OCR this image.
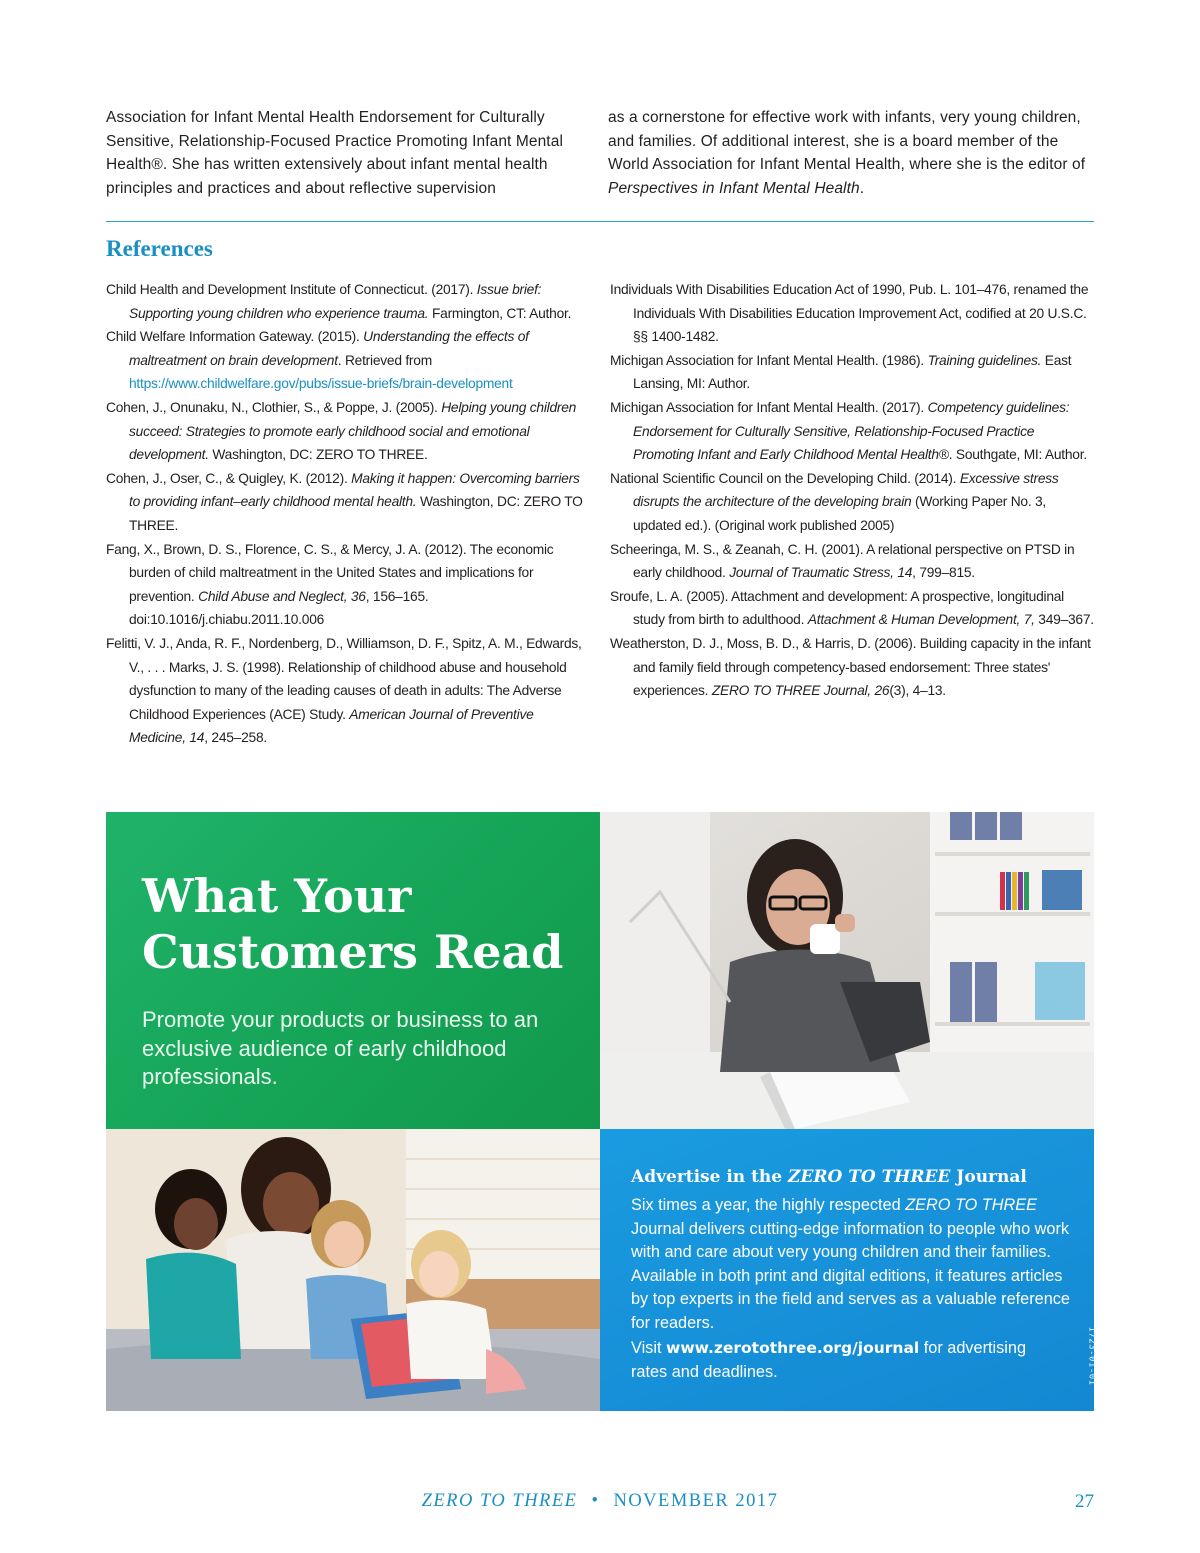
Association for Infant Mental Health Endorsement for Culturally Sensitive, Relationship-Focused Practice Promoting Infant Mental Health®. She has written extensively about infant mental health principles and practices and about reflective supervision

as a cornerstone for effective work with infants, very young children, and families. Of additional interest, she is a board member of the World Association for Infant Mental Health, where she is the editor of Perspectives in Infant Mental Health.

References
Child Health and Development Institute of Connecticut. (2017). Issue brief: Supporting young children who experience trauma. Farmington, CT: Author.
Child Welfare Information Gateway. (2015). Understanding the effects of maltreatment on brain development. Retrieved from https://www.childwelfare.gov/pubs/issue-briefs/brain-development
Cohen, J., Onunaku, N., Clothier, S., & Poppe, J. (2005). Helping young children succeed: Strategies to promote early childhood social and emotional development. Washington, DC: ZERO TO THREE.
Cohen, J., Oser, C., & Quigley, K. (2012). Making it happen: Overcoming barriers to providing infant–early childhood mental health. Washington, DC: ZERO TO THREE.
Fang, X., Brown, D. S., Florence, C. S., & Mercy, J. A. (2012). The economic burden of child maltreatment in the United States and implications for prevention. Child Abuse and Neglect, 36, 156–165. doi:10.1016/j.chiabu.2011.10.006
Felitti, V. J., Anda, R. F., Nordenberg, D., Williamson, D. F., Spitz, A. M., Edwards, V., . . . Marks, J. S. (1998). Relationship of childhood abuse and household dysfunction to many of the leading causes of death in adults: The Adverse Childhood Experiences (ACE) Study. American Journal of Preventive Medicine, 14, 245–258.
Individuals With Disabilities Education Act of 1990, Pub. L. 101–476, renamed the Individuals With Disabilities Education Improvement Act, codified at 20 U.S.C. §§ 1400-1482.
Michigan Association for Infant Mental Health. (1986). Training guidelines. East Lansing, MI: Author.
Michigan Association for Infant Mental Health. (2017). Competency guidelines: Endorsement for Culturally Sensitive, Relationship-Focused Practice Promoting Infant and Early Childhood Mental Health®. Southgate, MI: Author.
National Scientific Council on the Developing Child. (2014). Excessive stress disrupts the architecture of the developing brain (Working Paper No. 3, updated ed.). (Original work published 2005)
Scheeringa, M. S., & Zeanah, C. H. (2001). A relational perspective on PTSD in early childhood. Journal of Traumatic Stress, 14, 799–815.
Sroufe, L. A. (2005). Attachment and development: A prospective, longitudinal study from birth to adulthood. Attachment & Human Development, 7, 349–367.
Weatherston, D. J., Moss, B. D., & Harris, D. (2006). Building capacity in the infant and family field through competency-based endorsement: Three states' experiences. ZERO TO THREE Journal, 26(3), 4–13.
What Your Customers Read
Promote your products or business to an exclusive audience of early childhood professionals.
Advertise in the ZERO TO THREE Journal
Six times a year, the highly respected ZERO TO THREE Journal delivers cutting-edge information to people who work with and care about very young children and their families. Available in both print and digital editions, it features articles by top experts in the field and serves as a valuable reference for readers.
Visit www.zerotothree.org/journal for advertising rates and deadlines.	1723-01-01
ZERO TO THREE • NOVEMBER 2017	27
